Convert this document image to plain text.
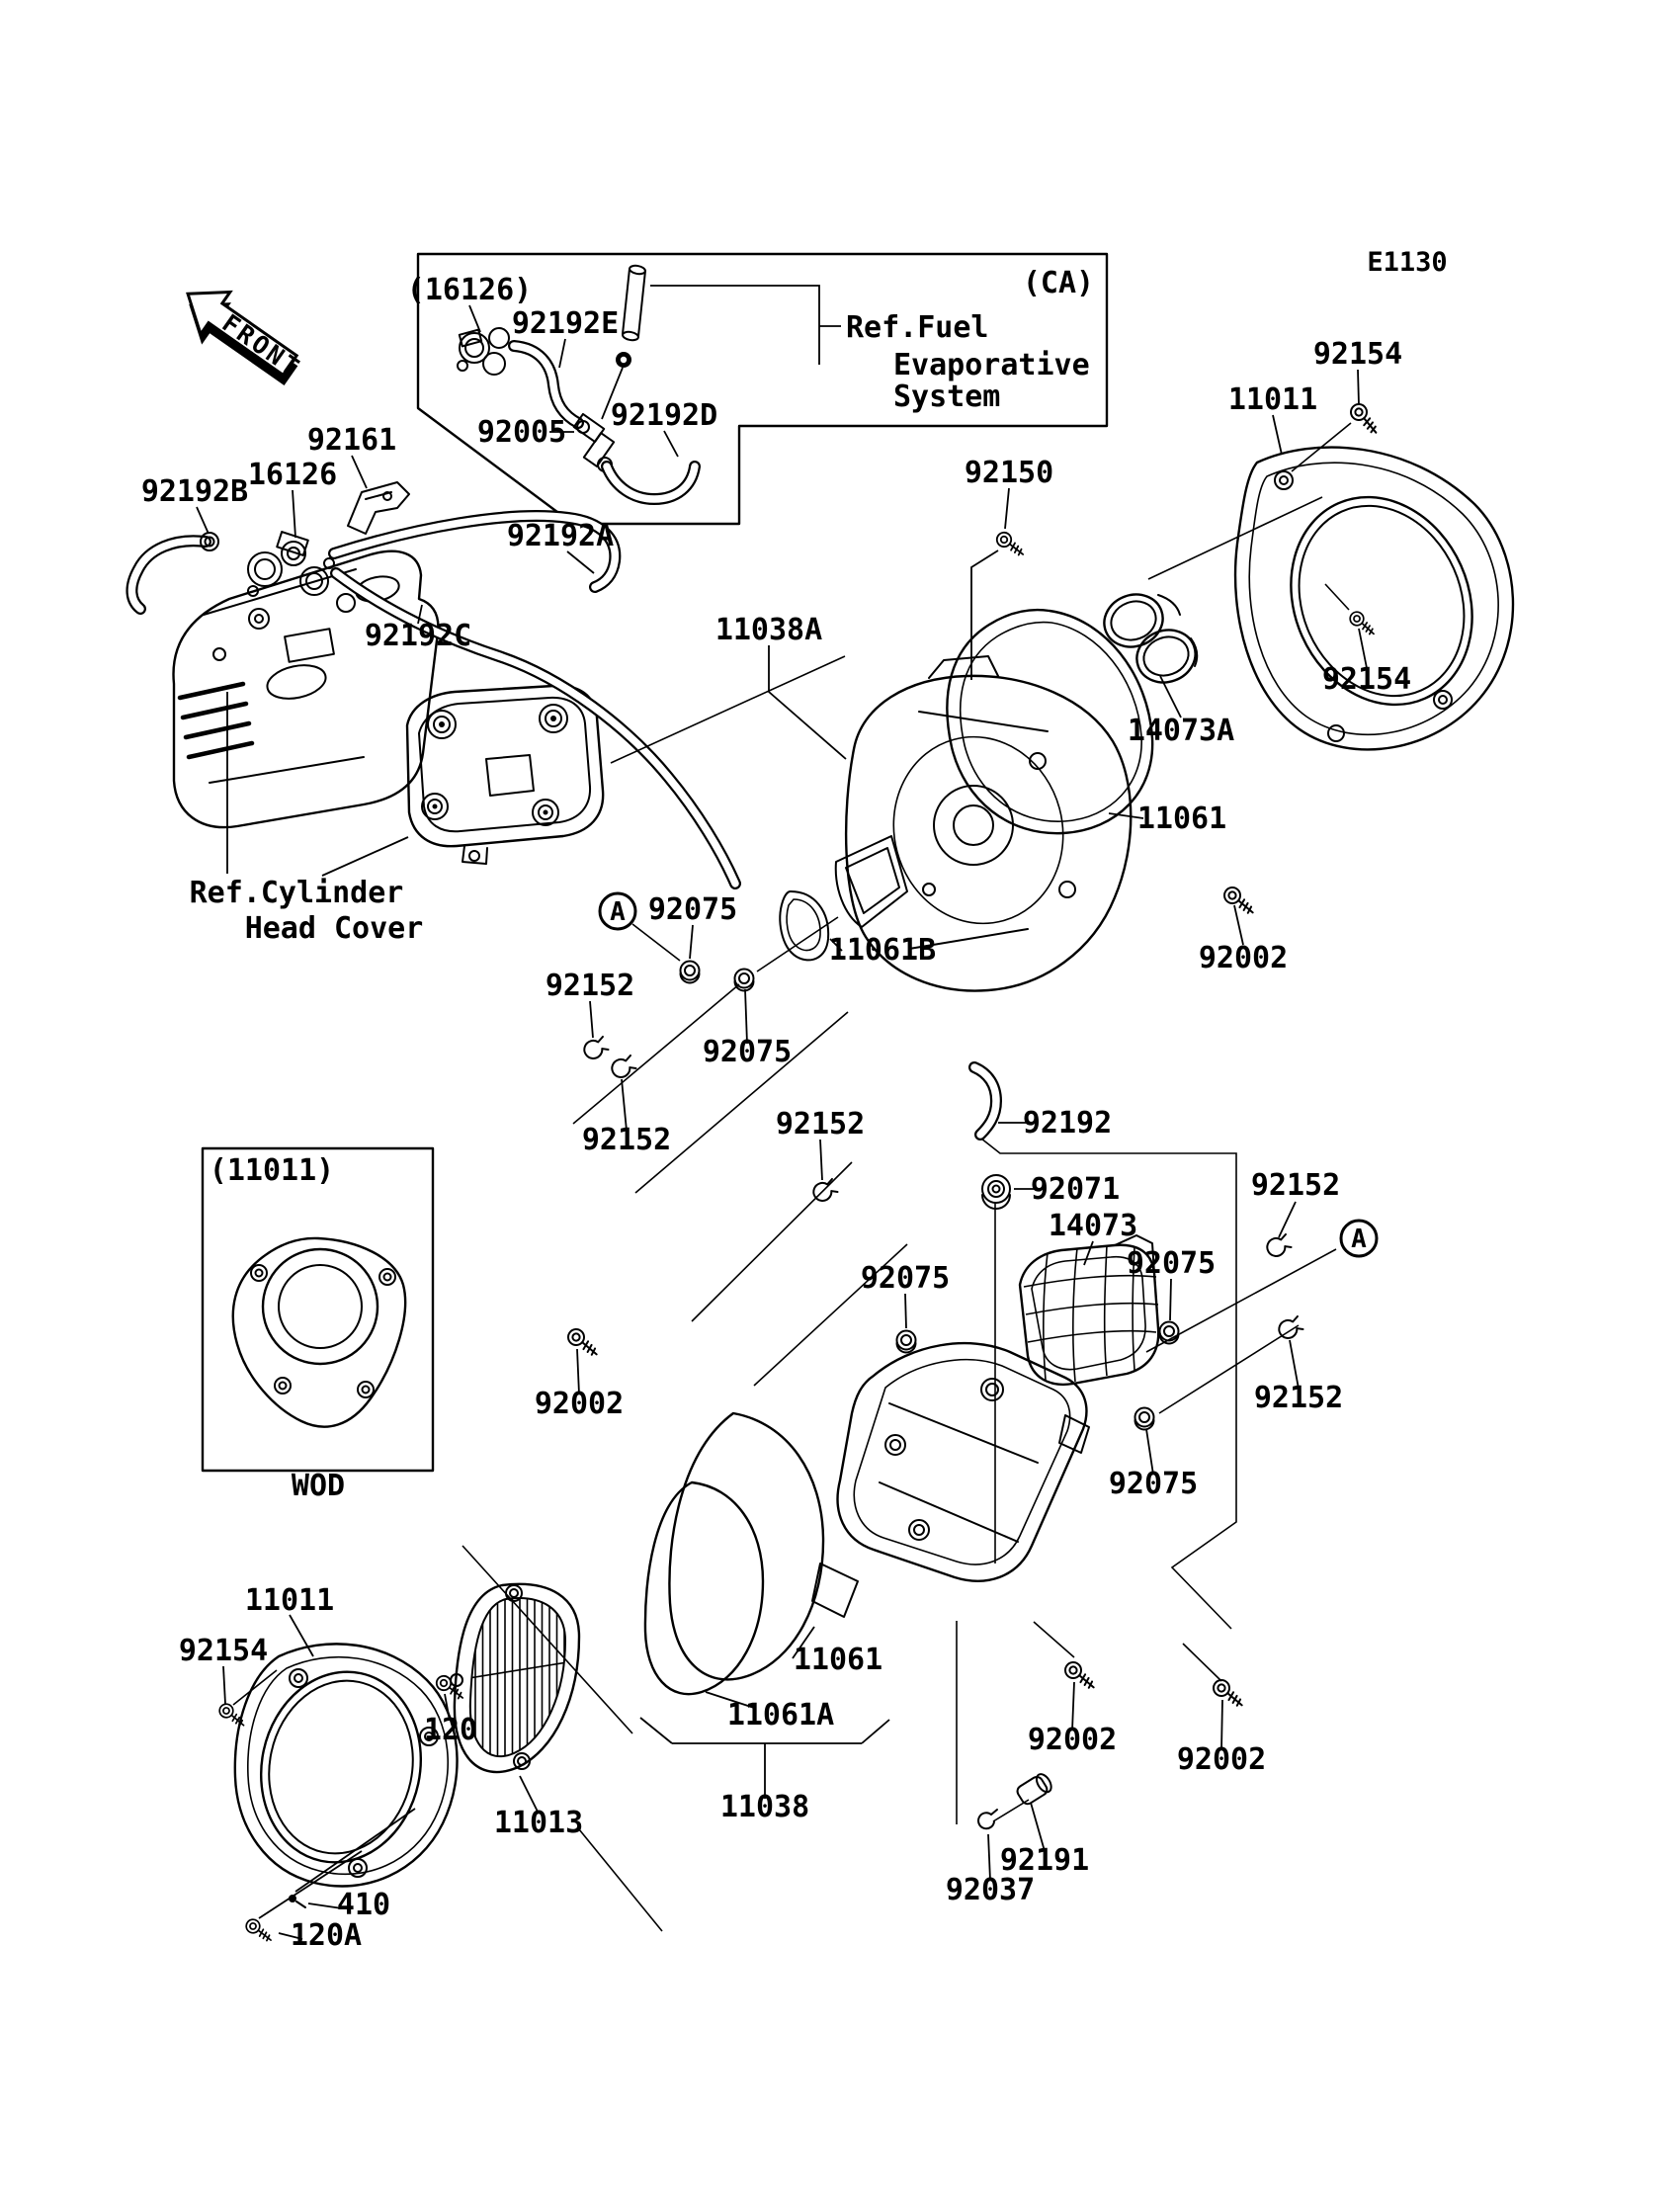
FRONT
(16126)	(CA)
92192E	Ref.Fuel
Evaporative
System
92005 92192D
92150
E1130
92154
11011
92161
16126
92192B
92192A
92192C	11038A
14073A
11061
92154
92002
92075
11061B
92152
92075
92152	92152	92192
92071
14073
Ref.Cylinder
Head Cover
(11011)
WOD
92075	92075
92152
92152
92075
92002
11011
92154
120
11013
11061
11061A
11038
92002
92002
92191
92037
410
120A
A
A
